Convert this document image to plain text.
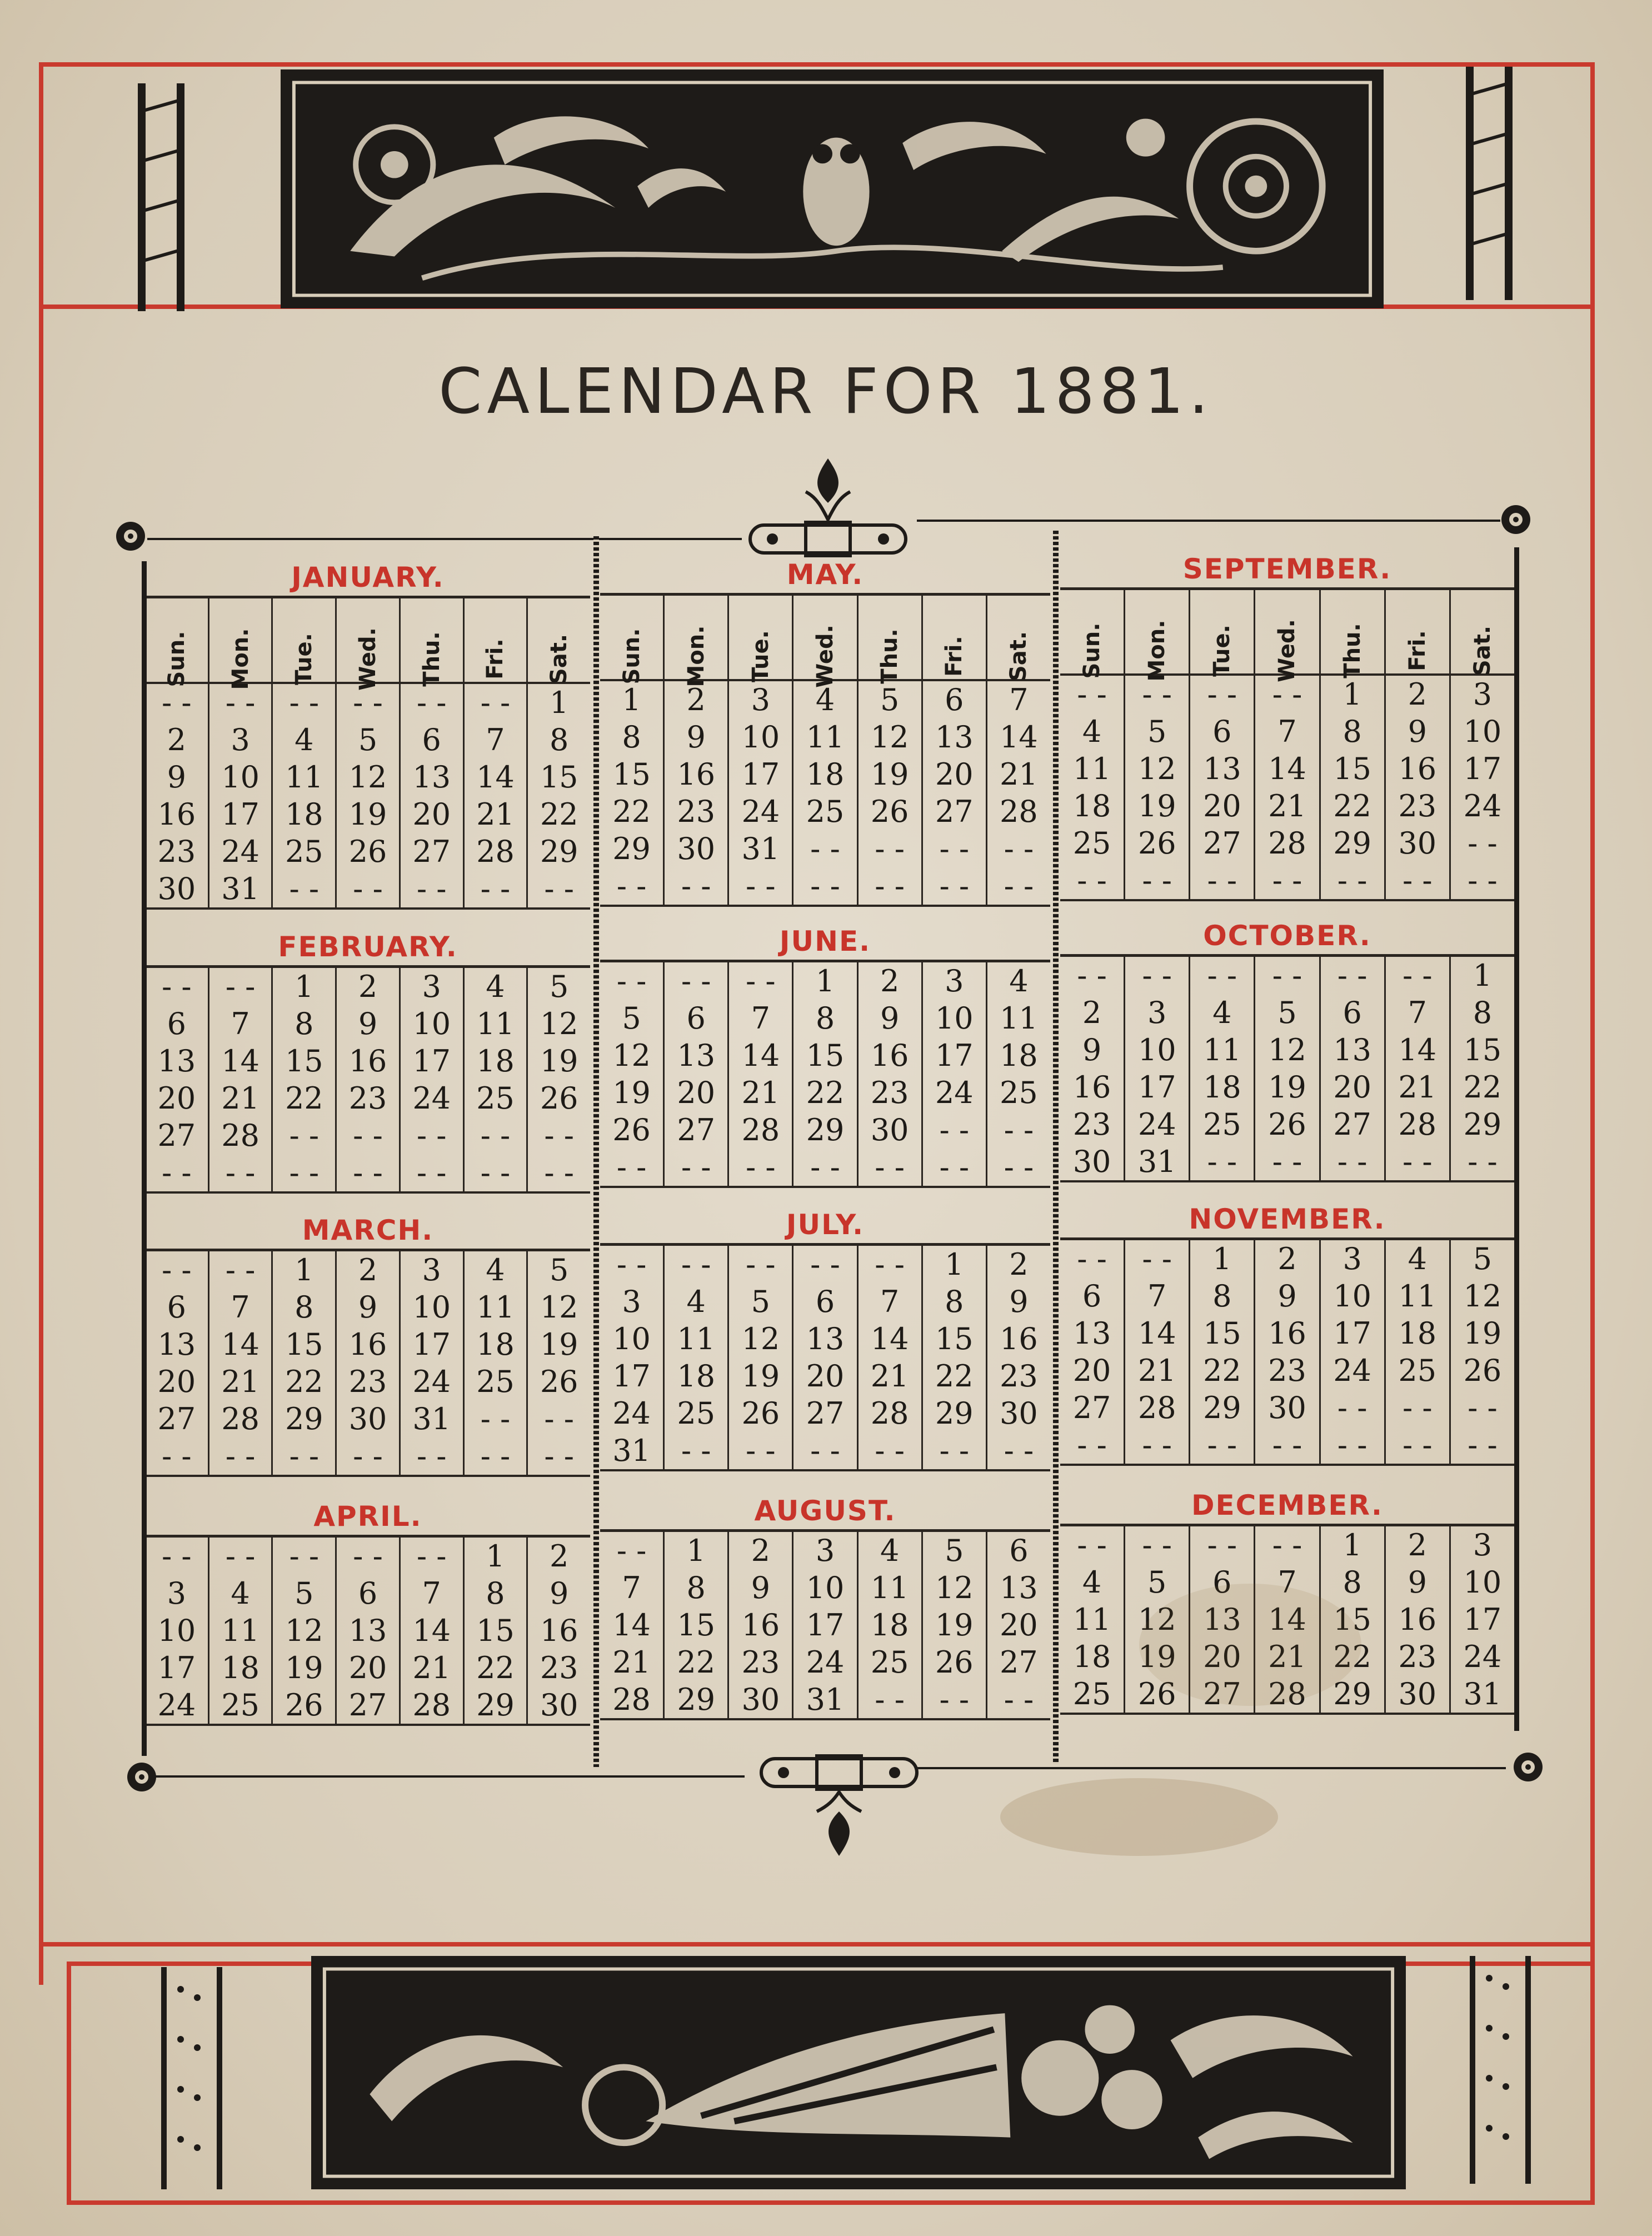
CALENDAR FOR 1881.
JANUARY.
Sun. Mon. Tue. Wed. Thu. Fri. Sat.
- -	- -	- -	- -	- -	- -	1
2	3	4	5	6	7	8
9	10 11 12 13 14 15
16 17 18 19 20 21 22
23 24 25 26 27 28 29
30 31 - -	- -	- -	- -	- -
FEBRUARY.
- -	- -	1	2	3	4	5
6	7	8	9	10 11 12
13 14 15 16 17 18 19
20 21 22 23 24 25 26
27 28 - -	- -	- -	- -	- -
- -	- -	- -	- -	- -	- -	- -
MARCH.
- -	- -	1	2	3	4	5
6	7	8	9	10 11 12
13 14 15 16 17 18 19
20 21 22 23 24 25 26
27 28 29 30 31 - -	- -
- -	- -	- -	- -	- -	- -	- -
APRIL.
- -	- -	- -	- -	- -	1	2
3	4	5	6	7	8	9
10 11 12 13 14 15 16
17 18 19 20 21 22 23
24 25 26 27 28 29 30
MAY.
Sun. Mon. Tue. Wed. Thu. Fri. Sat.
1	2	3	4	5	6	7
8	9	10 11 12 13 14
15 16 17 18 19 20 21
22 23 24 25 26 27 28
29 30 31	- -	- -	- -	- -
- -	- -	- -	- -	- -	- -	- -
JUNE.
- -	- -	- -	1	2	3	4
5	6	7	8	9	10 11
12 13 14 15 16 17 18
19 20 21 22 23 24 25
26 27 28 29 30	- -	- -
- -	- -	- -	- -	- -	- -	- -
JULY.
- -	- -	- -	- -	- -	1	2
3	4	5	6	7	8	9
10 11 12 13 14 15 16
17 18 19 20 21 22 23
24 25 26 27 28 29 30
31	- -	- -	- -	- -	- -	- -
AUGUST.
- -	1	2	3	4	5	6
7	8	9	10 11 12 13
14 15 16 17 18 19 20
21 22 23 24 25 26 27
28 29 30 31	- -	- -	- -
SEPTEMBER.
Sun. Mon. Tue. Wed. Thu. Fri. Sat.
- -	- -	- -	- -	1	2	3
4	5	6	7	8	9	10
11 12 13 14 15 16 17
18 19 20 21 22 23 24
25 26 27 28 29 30	- -
- -	- -	- -	- -	- -	- -	- -
OCTOBER.
- -	- -	- -	- -	- -	- -	1
2	3	4	5	6	7	8
9	10 11 12 13 14 15
16 17 18 19 20 21 22
23 24 25 26 27 28 29
30 31	- -	- -	- -	- -	- -
NOVEMBER.
- -	- -	1	2	3	4	5
6	7	8	9	10 11 12
13 14 15 16 17 18 19
20 21 22 23 24 25 26
27 28 29 30	- -	- -	- -
- -	- -	- -	- -	- -	- -	- -
DECEMBER.
- -	- -	- -	- -	1	2	3
4	5	6	7	8	9	10
11 12 13 14 15 16 17
18 19 20 21 22 23 24
25 26 27 28 29 30 31
